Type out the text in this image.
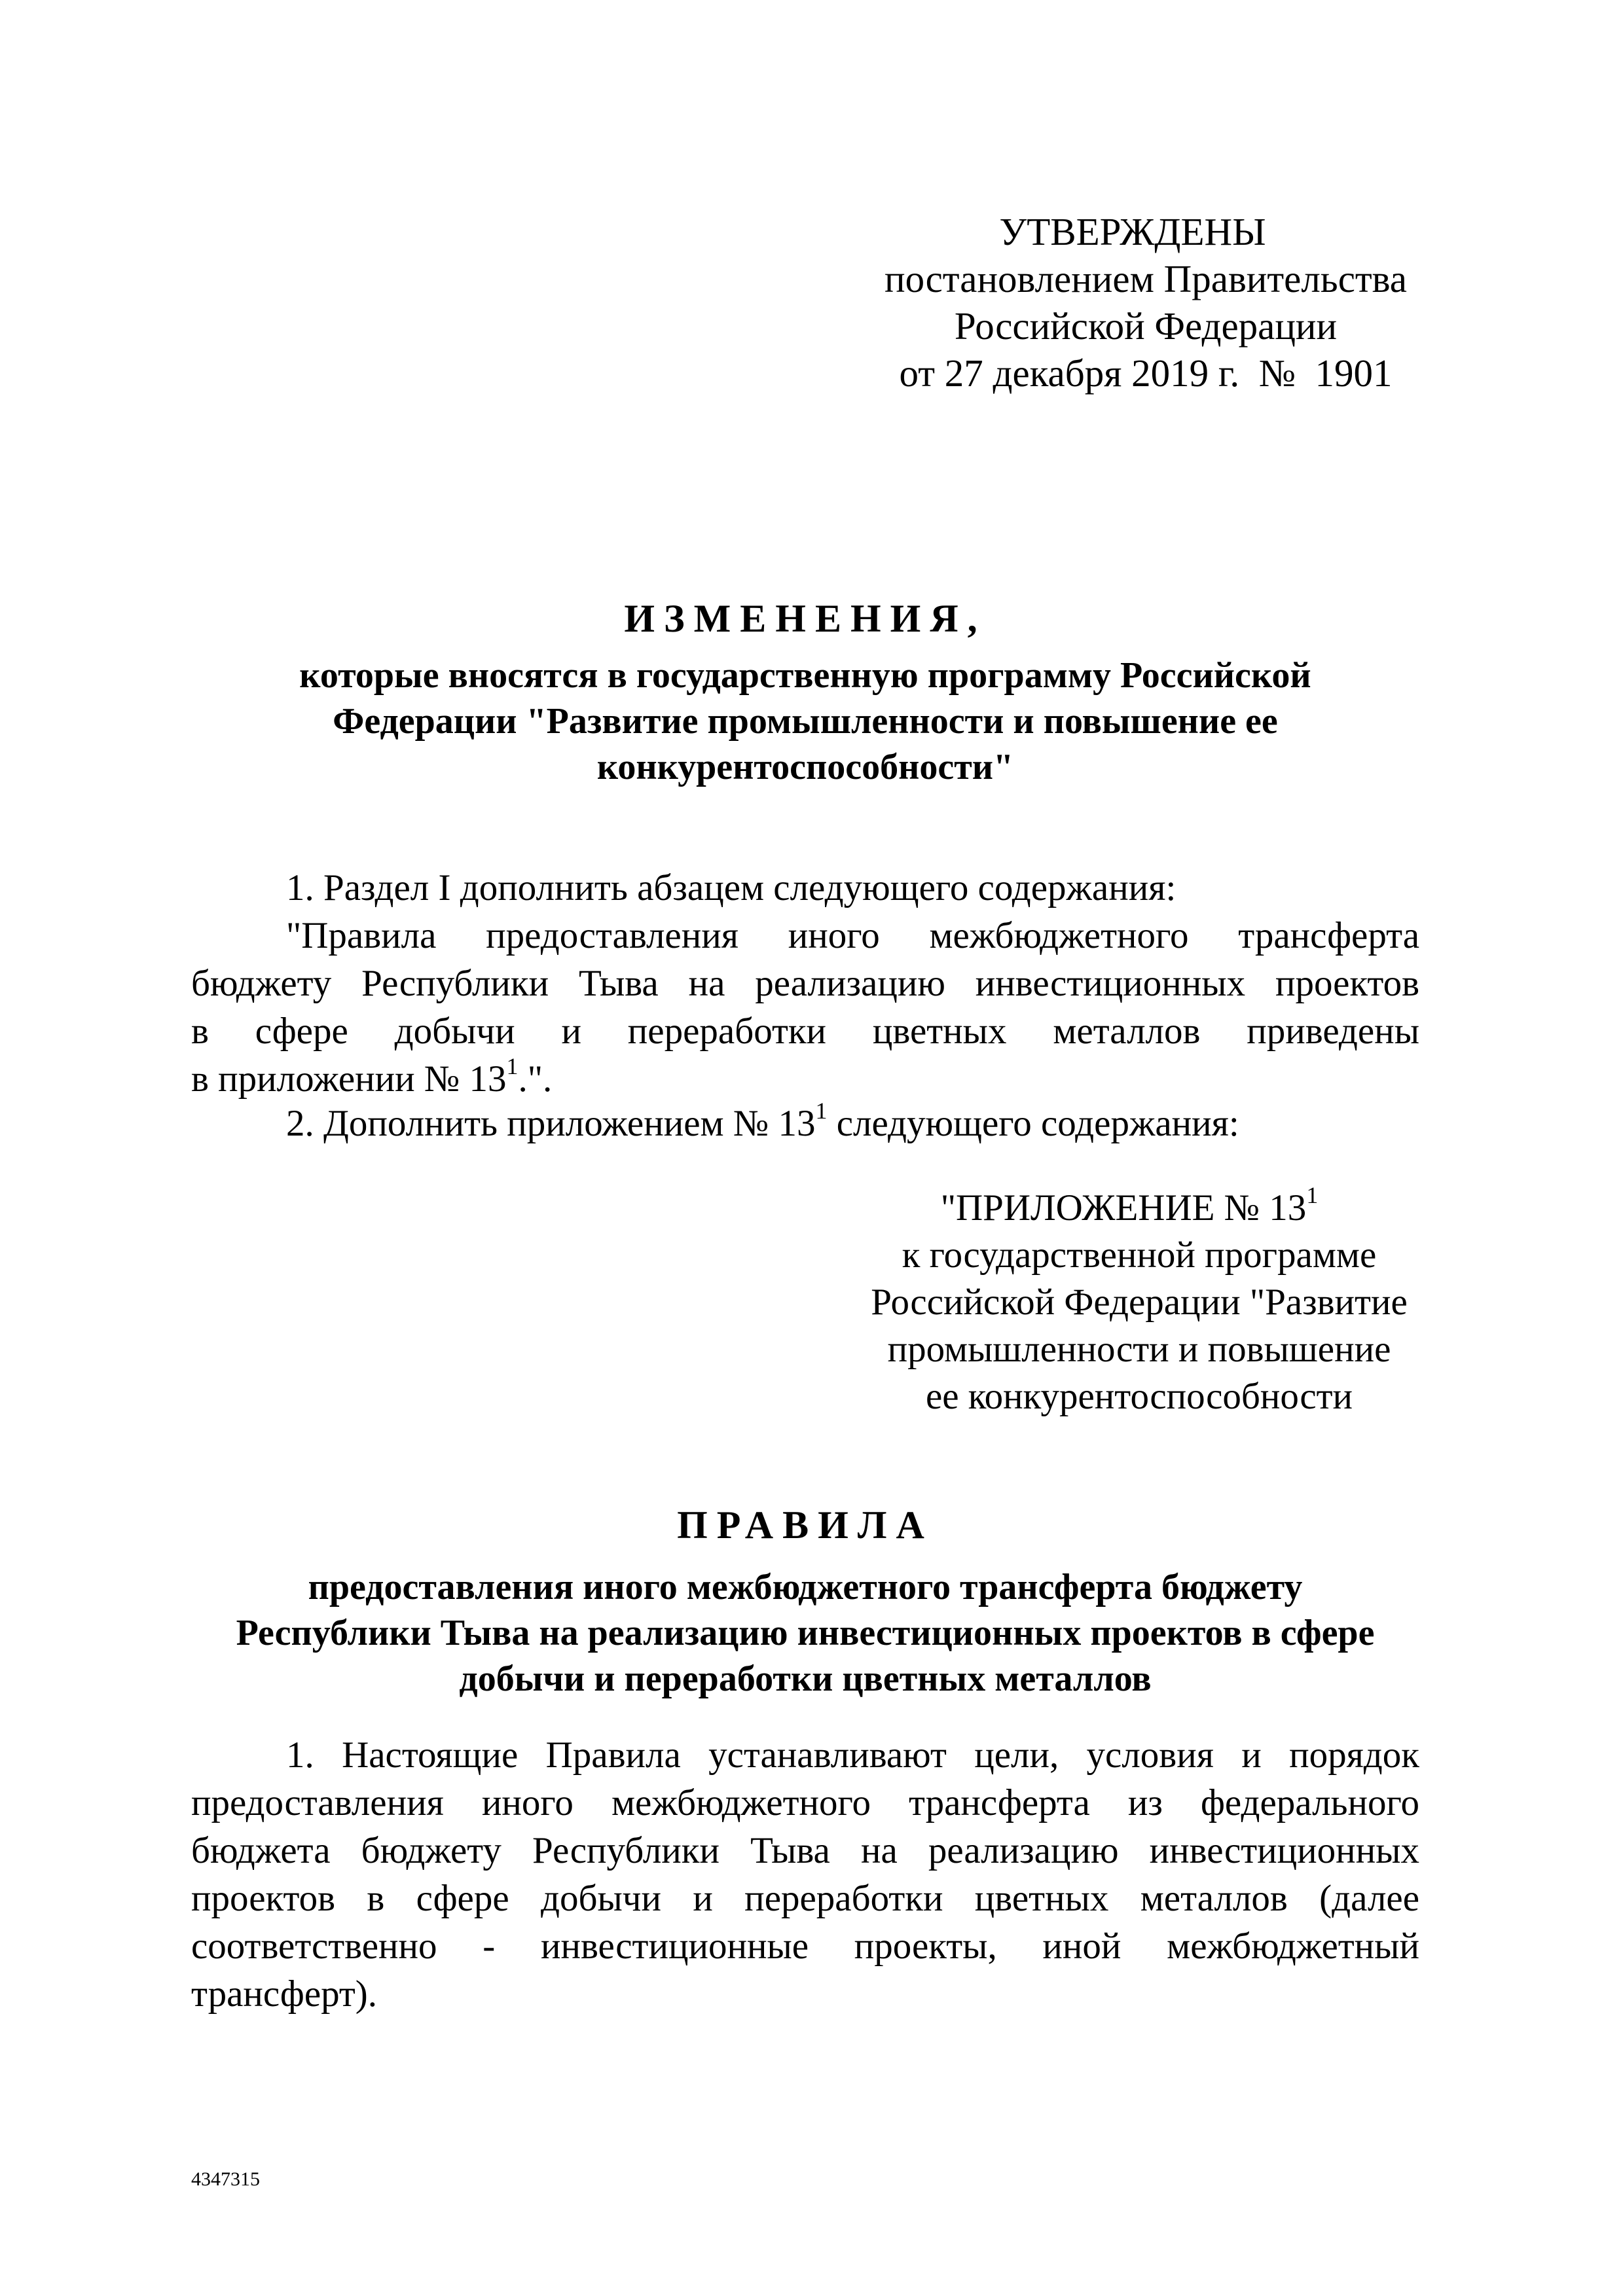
УТВЕРЖДЕНЫ
постановлением Правительства
Российской Федерации
от 27 декабря 2019 г. № 1901
ИЗМЕНЕНИЯ,
которые вносятся в государственную программу Российской
Федерации "Развитие промышленности и повышение ее
конкурентоспособности"
1. Раздел I дополнить абзацем следующего содержания:
"Правила предоставления иного межбюджетного трансферта
бюджету Республики Тыва на реализацию инвестиционных проектов
в сфере добычи и переработки цветных металлов приведены
в приложении № $13^1$.".
2. Дополнить приложением № $13^1$ следующего содержания:
"ПРИЛОЖЕНИЕ № $13^1$
к государственной программе
Российской Федерации "Развитие
промышленности и повышение
ее конкурентоспособности
ПРАВИЛА
предоставления иного межбюджетного трансферта бюджету
Республики Тыва на реализацию инвестиционных проектов в сфере
добычи и переработки цветных металлов
1. Настоящие Правила устанавливают цели, условия и порядок
предоставления иного межбюджетного трансферта из федерального
бюджета бюджету Республики Тыва на реализацию инвестиционных
проектов в сфере добычи и переработки цветных металлов (далее
соответственно - инвестиционные проекты, иной межбюджетный
трансферт).
4347315
